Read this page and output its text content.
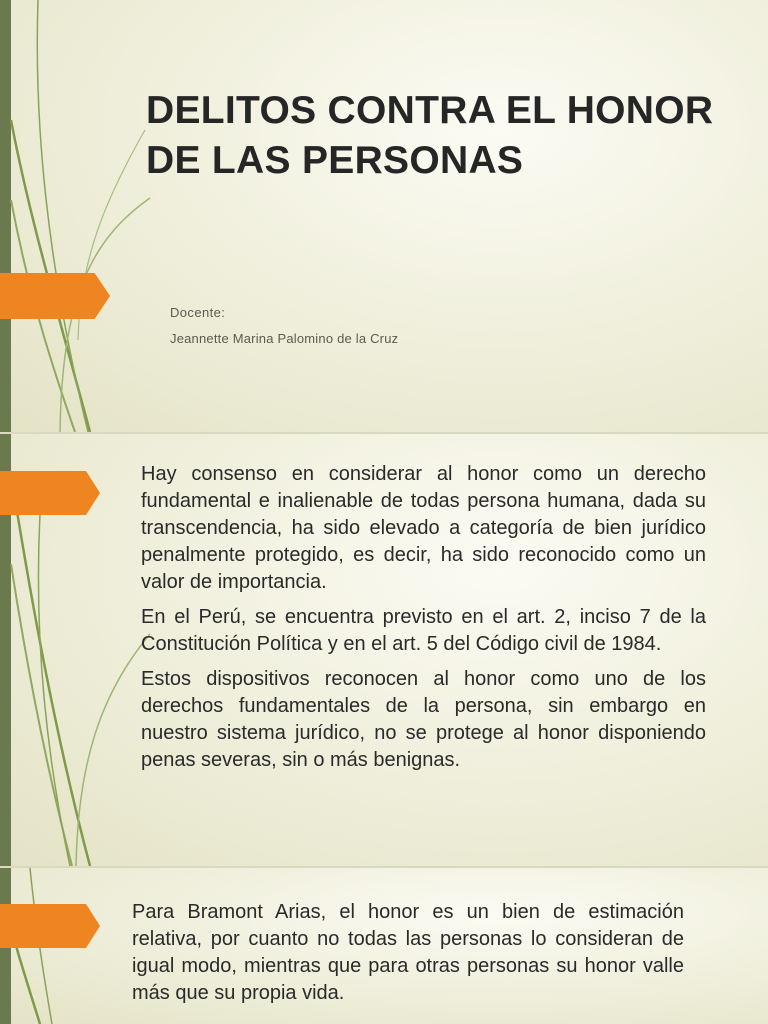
DELITOS CONTRA EL HONOR DE LAS PERSONAS
Docente:
Jeannette Marina Palomino de la Cruz

Hay consenso en considerar al honor como un derecho fundamental e inalienable de todas persona humana, dada su transcendencia, ha sido elevado a categoría de bien jurídico penalmente protegido, es decir, ha sido reconocido como un valor de importancia.

En el Perú, se encuentra previsto en el art. 2, inciso 7 de la Constitución Política y en el art. 5 del Código civil de 1984.

Estos dispositivos reconocen al honor como uno de los derechos fundamentales de la persona, sin embargo en nuestro sistema jurídico, no se protege al honor disponiendo penas severas, sin o más benignas.

Para Bramont Arias, el honor es un bien de estimación relativa, por cuanto no todas las personas lo consideran de igual modo, mientras que para otras personas su honor valle más que su propia vida.
